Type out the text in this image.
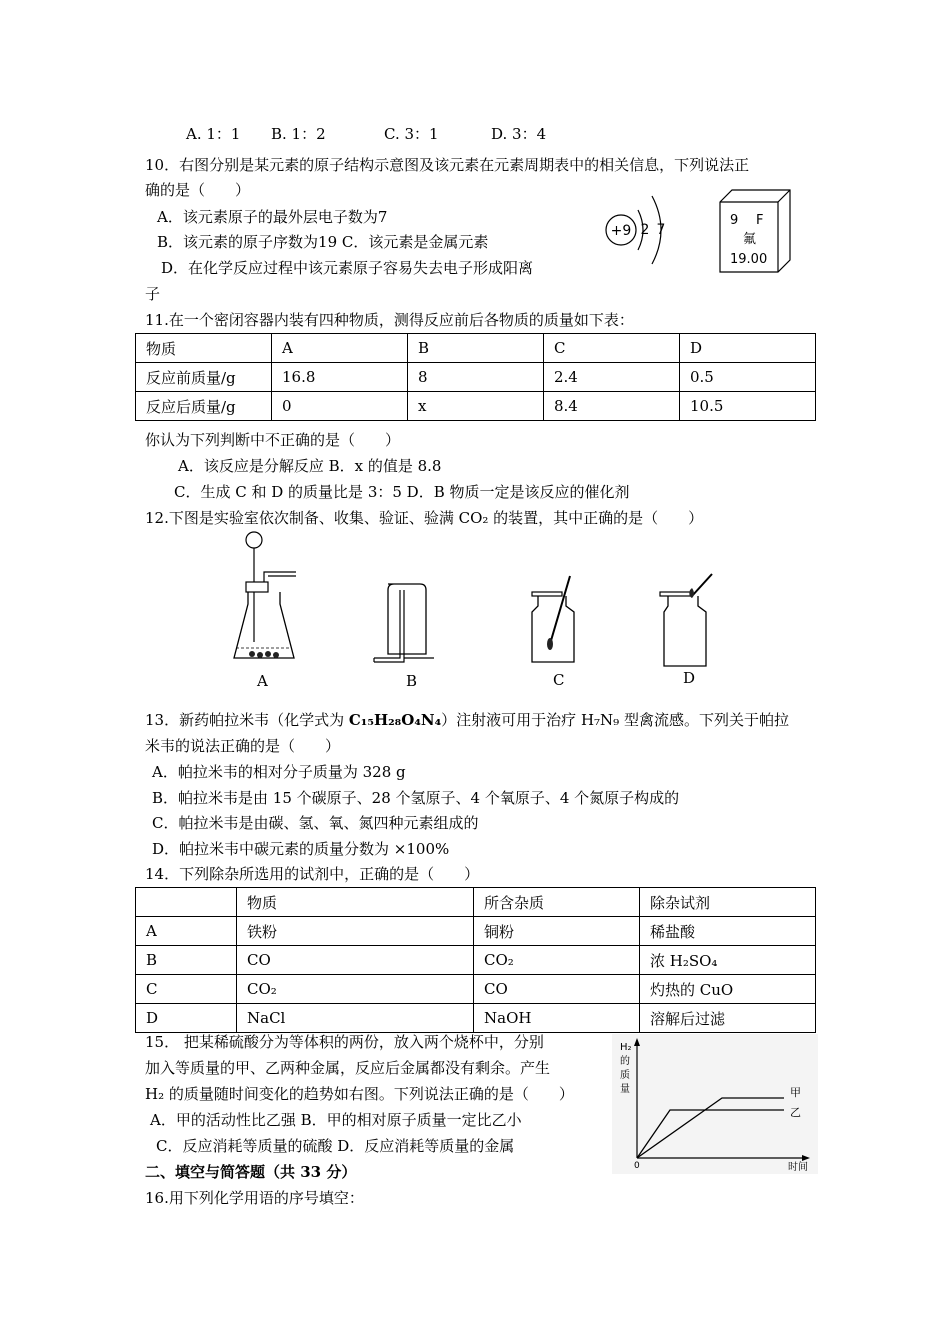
A. 1：1 B. 1：2	C. 3：1	D. 3：4
10．右图分别是某元素的原子结构示意图及该元素在元素周期表中的相关信息，下列说法正
确的是（　　）
A．该元素原子的最外层电子数为7
B．该元素的原子序数为19 C．该元素是金属元素
D．在化学反应过程中该元素原子容易失去电子形成阳离
子
+9 2 7
9 F
氟
19.00
11.在一个密闭容器内装有四种物质，测得反应前后各物质的质量如下表：
物质	A	B	C	D
反应前质量/g	16.8	8	2.4	0.5
反应后质量/g	0	x	8.4	10.5
你认为下列判断中不正确的是（　　）
A．该反应是分解反应 B．x 的值是 8.8
C．生成 C 和 D 的质量比是 3：5 D．B 物质一定是该反应的催化剂
12.下图是实验室依次制备、收集、验证、验满 CO₂ 的装置，其中正确的是（　　）
A	B	C	D
13．新药帕拉米韦（化学式为 C₁₅H₂₈O₄N₄）注射液可用于治疗 H₇N₉ 型禽流感。下列关于帕拉
米韦的说法正确的是（　　）
A．帕拉米韦的相对分子质量为 328 g
B．帕拉米韦是由 15 个碳原子、28 个氢原子、4 个氧原子、4 个氮原子构成的
C．帕拉米韦是由碳、氢、氧、氮四种元素组成的
D．帕拉米韦中碳元素的质量分数为 ×100%
14．下列除杂所选用的试剂中，正确的是（　　）
	物质	所含杂质	除杂试剂
A	铁粉	铜粉	稀盐酸
B	CO	CO₂	浓 H₂SO₄
C	CO₂	CO	灼热的 CuO
D	NaCl	NaOH	溶解后过滤
15． 把某稀硫酸分为等体积的两份，放入两个烧杯中，分别
加入等质量的甲、乙两种金属，反应后金属都没有剩余。产生
H₂ 的质量随时间变化的趋势如右图。下列说法正确的是（　　）
A．甲的活动性比乙强 B．甲的相对原子质量一定比乙小
C．反应消耗等质量的硫酸 D．反应消耗等质量的金属
H₂
的
质
量
0	时间
甲
乙
二、填空与简答题（共 33 分）
16.用下列化学用语的序号填空：
